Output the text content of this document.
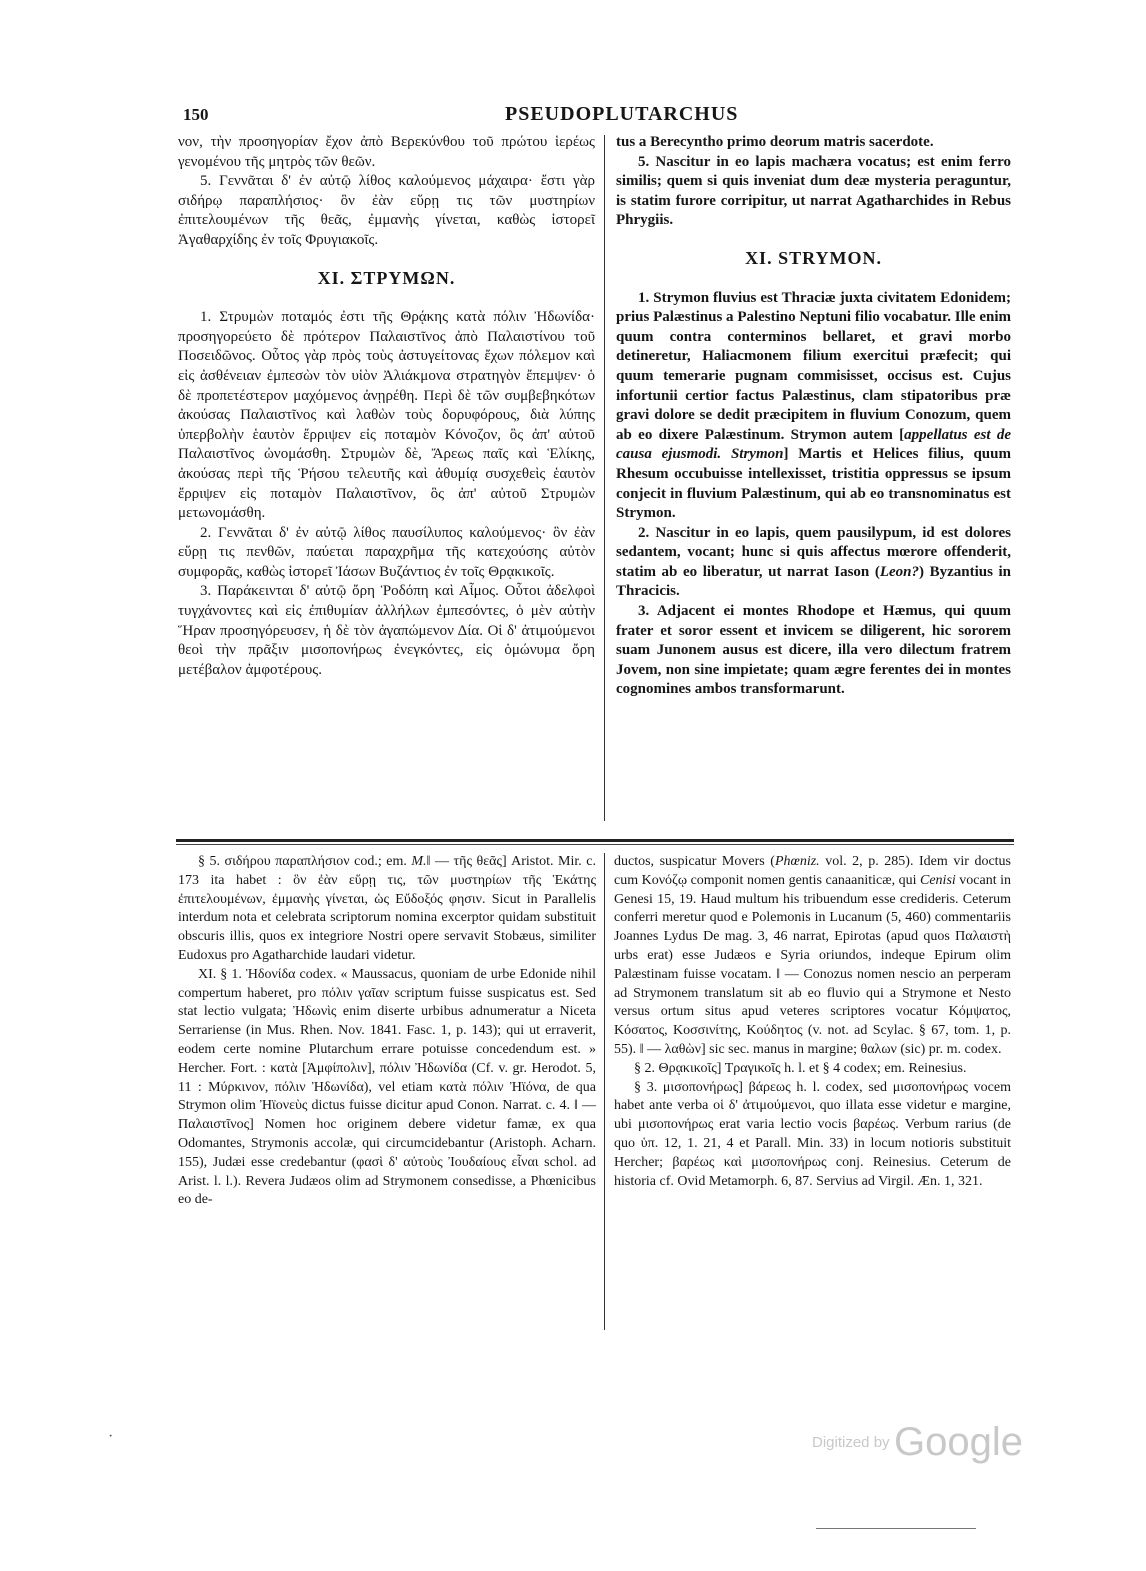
150	PSEUDOPLUTARCHUS

νον, τὴν προσηγορίαν ἔχον ἀπὸ Βερεκύνθου τοῦ πρώτου ἱερέως γενομένου τῆς μητρὸς τῶν θεῶν.

5. Γεννᾶται δ' ἐν αὐτῷ λίθος καλούμενος μάχαιρα· ἔστι γὰρ σιδήρῳ παραπλήσιος· ὃν ἐὰν εὕρῃ τις τῶν μυστηρίων ἐπιτελουμένων τῆς θεᾶς, ἐμμανὴς γίνεται, καθὼς ἱστορεῖ Ἀγαθαρχίδης ἐν τοῖς Φρυγιακοῖς.

XI. ΣΤΡΥΜΩΝ.

1. Στρυμὼν ποταμός ἐστι τῆς Θρᾴκης κατὰ πόλιν Ἠδωνίδα· προσηγορεύετο δὲ πρότερον Παλαιστῖνος ἀπὸ Παλαιστίνου τοῦ Ποσειδῶνος. Οὗτος γὰρ πρὸς τοὺς ἀστυγείτονας ἔχων πόλεμον καὶ εἰς ἀσθένειαν ἐμπεσὼν τὸν υἱὸν Ἀλιάκμονα στρατηγὸν ἔπεμψεν· ὁ δὲ προπετέστερον μαχόμενος ἀνῃρέθη. Περὶ δὲ τῶν συμβεβηκότων ἀκούσας Παλαιστῖνος καὶ λαθὼν τοὺς δορυφόρους, διὰ λύπης ὑπερβολὴν ἑαυτὸν ἔρριψεν εἰς ποταμὸν Κόνοζον, ὃς ἀπ' αὐτοῦ Παλαιστῖνος ὠνομάσθη. Στρυμὼν δὲ, Ἄρεως παῖς καὶ Ἑλίκης, ἀκούσας περὶ τῆς Ῥήσου τελευτῆς καὶ ἀθυμίᾳ συσχεθεὶς ἑαυτὸν ἔρριψεν εἰς ποταμὸν Παλαιστῖνον, ὃς ἀπ' αὐτοῦ Στρυμὼν μετωνομάσθη.

2. Γεννᾶται δ' ἐν αὐτῷ λίθος παυσίλυπος καλούμενος· ὃν ἐὰν εὕρῃ τις πενθῶν, παύεται παραχρῆμα τῆς κατεχούσης αὐτὸν συμφορᾶς, καθὼς ἱστορεῖ Ἰάσων Βυζάντιος ἐν τοῖς Θρᾳκικοῖς.

3. Παράκεινται δ' αὐτῷ ὄρη Ῥοδόπη καὶ Αἷμος. Οὗτοι ἀδελφοὶ τυγχάνοντες καὶ εἰς ἐπιθυμίαν ἀλλήλων ἐμπεσόντες, ὁ μὲν αὐτὴν Ἥραν προσηγόρευσεν, ἡ δὲ τὸν ἀγαπώμενον Δία. Οἱ δ' ἀτιμούμενοι θεοὶ τὴν πρᾶξιν μισοπονήρως ἐνεγκόντες, εἰς ὁμώνυμα ὄρη μετέβαλον ἀμφοτέρους.

tus a Berecyntho primo deorum matris sacerdote.

5. Nascitur in eo lapis machæra vocatus; est enim ferro similis; quem si quis inveniat dum deæ mysteria peraguntur, is statim furore corripitur, ut narrat Agatharchides in Rebus Phrygiis.

XI. STRYMON.

1. Strymon fluvius est Thraciæ juxta civitatem Edonidem; prius Palæstinus a Palestino Neptuni filio vocabatur. Ille enim quum contra conterminos bellaret, et gravi morbo detineretur, Haliacmonem filium exercitui præfecit; qui quum temerarie pugnam commisisset, occisus est. Cujus infortunii certior factus Palæstinus, clam stipatoribus præ gravi dolore se dedit præcipitem in fluvium Conozum, quem ab eo dixere Palæstinum. Strymon autem [appellatus est de causa ejusmodi. Strymon] Martis et Helices filius, quum Rhesum occubuisse intellexisset, tristitia oppressus se ipsum conjecit in fluvium Palæstinum, qui ab eo transnominatus est Strymon.

2. Nascitur in eo lapis, quem pausilypum, id est dolores sedantem, vocant; hunc si quis affectus mœrore offenderit, statim ab eo liberatur, ut narrat Iason (Leon?) Byzantius in Thracicis.

3. Adjacent ei montes Rhodope et Hæmus, qui quum frater et soror essent et invicem se diligerent, hic sororem suam Junonem ausus est dicere, illa vero dilectum fratrem Jovem, non sine impietate; quam ægre ferentes dei in montes cognomines ambos transformarunt.

§ 5. σιδήρου παραπλήσιον cod.; em. M.‖ — τῆς θεᾶς] Aristot. Mir. c. 173 ita habet : ὃν ἐὰν εὕρῃ τις, τῶν μυστηρίων τῆς Ἑκάτης ἐπιτελουμένων, ἐμμανὴς γίνεται, ὡς Εὔδοξός φησιν. Sicut in Parallelis interdum nota et celebrata scriptorum nomina excerptor quidam substituit obscuris illis, quos ex integriore Nostri opere servavit Stobæus, similiter Eudoxus pro Agatharchide laudari videtur.

XI. § 1. Ἠδονίδα codex. « Maussacus, quoniam de urbe Edonide nihil compertum haberet, pro πόλιν γαῖαν scriptum fuisse suspicatus est. Sed stat lectio vulgata; Ἠδωνὶς enim diserte urbibus adnumeratur a Niceta Serrariense (in Mus. Rhen. Nov. 1841. Fasc. 1, p. 143); qui ut erraverit, eodem certe nomine Plutarchum errare potuisse concedendum est. » Hercher. Fort. : κατὰ [Ἀμφίπολιν], πόλιν Ἠδωνίδα (Cf. v. gr. Herodot. 5, 11 : Μύρκινον, πόλιν Ἠδωνίδα), vel etiam κατὰ πόλιν Ἠϊόνα, de qua Strymon olim Ἠϊονεὺς dictus fuisse dicitur apud Conon. Narrat. c. 4. ‖ — Παλαιστῖνος] Nomen hoc originem debere videtur famæ, ex qua Odomantes, Strymonis accolæ, qui circumcidebantur (Aristoph. Acharn. 155), Judæi esse credebantur (φασὶ δ' αὐτοὺς Ἰουδαίους εἶναι schol. ad Arist. l. l.). Revera Judæos olim ad Strymonem consedisse, a Phœnicibus eo de-

ductos, suspicatur Movers (Phœniz. vol. 2, p. 285). Idem vir doctus cum Κονόζῳ componit nomen gentis canaaniticæ, qui Cenisi vocant in Genesi 15, 19. Haud multum his tribuendum esse credideris. Ceterum conferri meretur quod e Polemonis in Lucanum (5, 460) commentariis Joannes Lydus De mag. 3, 46 narrat, Epirotas (apud quos Παλαιστὴ urbs erat) esse Judæos e Syria oriundos, indeque Epirum olim Palæstinam fuisse vocatam. ‖ — Conozus nomen nescio an perperam ad Strymonem translatum sit ab eo fluvio qui a Strymone et Nesto versus ortum situs apud veteres scriptores vocatur Κόμψατος, Κόσατος, Κοσσινίτης, Κούδητος (v. not. ad Scylac. § 67, tom. 1, p. 55). ‖ — λαθὼν] sic sec. manus in margine; θαλων (sic) pr. m. codex.

§ 2. Θρᾳκικοῖς] Τραγικοῖς h. l. et § 4 codex; em. Reinesius.

§ 3. μισοπονήρως] βάρεως h. l. codex, sed μισοπονήρως vocem habet ante verba οἱ δ' ἀτιμούμενοι, quo illata esse videtur e margine, ubi μισοπονήρως erat varia lectio vocis βαρέως. Verbum rarius (de quo ὑπ. 12, 1. 21, 4 et Parall. Min. 33) in locum notioris substituit Hercher; βαρέως καὶ μισοπονήρως conj. Reinesius. Ceterum de historia cf. Ovid Metamorph. 6, 87. Servius ad Virgil. Æn. 1, 321.

·	Digitized by Google
